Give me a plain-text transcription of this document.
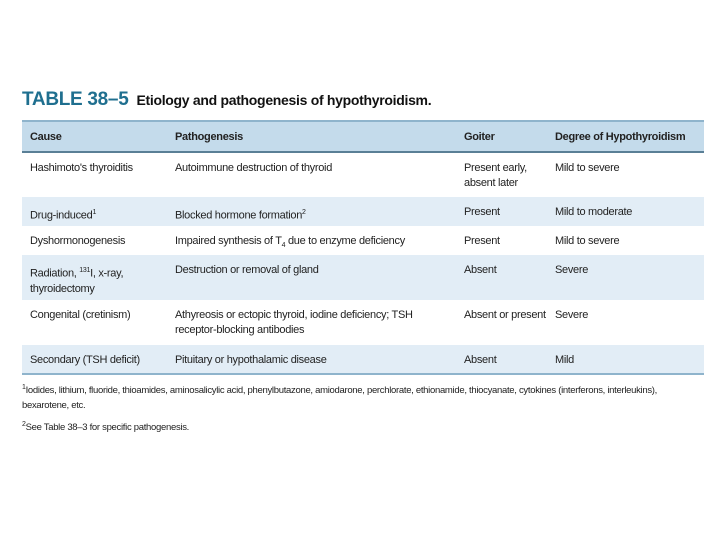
TABLE 38–5 Etiology and pathogenesis of hypothyroidism.
Cause	Pathogenesis	Goiter	Degree of Hypothyroidism
Hashimoto's thyroiditis	Autoimmune destruction of thyroid	Present early, absent later	Mild to severe
Drug-induced$^1$	Blocked hormone formation$^2$	Present	Mild to moderate
Dyshormonogenesis	Impaired synthesis of $T_4$ due to enzyme deficiency	Present	Mild to severe
Radiation, $^{131}$I, x-ray, thyroidectomy	Destruction or removal of gland	Absent	Severe
Congenital (cretinism)	Athyreosis or ectopic thyroid, iodine deficiency; TSH receptor-blocking antibodies	Absent or present	Severe
Secondary (TSH deficit)	Pituitary or hypothalamic disease	Absent	Mild

$^1$Iodides, lithium, fluoride, thioamides, aminosalicylic acid, phenylbutazone, amiodarone, perchlorate, ethionamide, thiocyanate, cytokines (interferons, interleukins), bexarotene, etc.

$^2$See Table 38–3 for specific pathogenesis.
